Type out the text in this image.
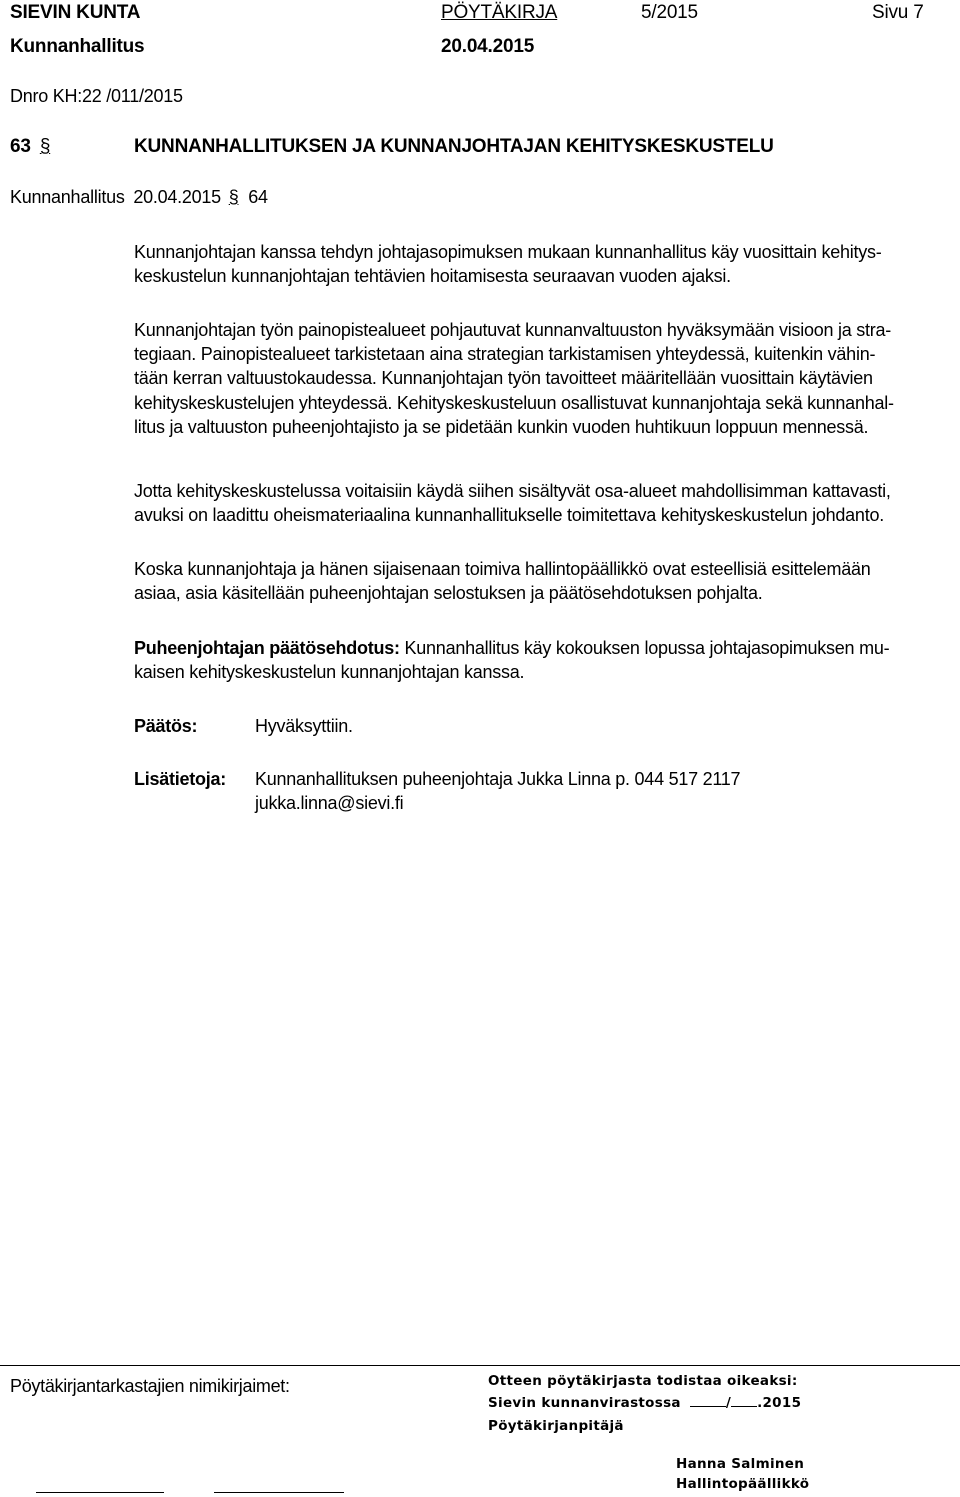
SIEVIN KUNTA	PÖYTÄKIRJA	5/2015	Sivu 7
Kunnanhallitus	20.04.2015
Dnro KH:22 /011/2015
63 §	KUNNANHALLITUKSEN JA KUNNANJOHTAJAN KEHITYSKESKUSTELU
Kunnanhallitus 20.04.2015 § 64
Kunnanjohtajan kanssa tehdyn johtajasopimuksen mukaan kunnanhallitus käy vuosittain kehitys-
keskustelun kunnanjohtajan tehtävien hoitamisesta seuraavan vuoden ajaksi.
Kunnanjohtajan työn painopistealueet pohjautuvat kunnanvaltuuston hyväksymään visioon ja stra-
tegiaan. Painopistealueet tarkistetaan aina strategian tarkistamisen yhteydessä, kuitenkin vähin-
tään kerran valtuustokaudessa. Kunnanjohtajan työn tavoitteet määritellään vuosittain käytävien
kehityskeskustelujen yhteydessä. Kehityskeskusteluun osallistuvat kunnanjohtaja sekä kunnanhal-
litus ja valtuuston puheenjohtajisto ja se pidetään kunkin vuoden huhtikuun loppuun mennessä.
Jotta kehityskeskustelussa voitaisiin käydä siihen sisältyvät osa-alueet mahdollisimman kattavasti,
avuksi on laadittu oheismateriaalina kunnanhallitukselle toimitettava kehityskeskustelun johdanto.
Koska kunnanjohtaja ja hänen sijaisenaan toimiva hallintopäällikkö ovat esteellisiä esittelemään
asiaa, asia käsitellään puheenjohtajan selostuksen ja päätösehdotuksen pohjalta.
Puheenjohtajan päätösehdotus: Kunnanhallitus käy kokouksen lopussa johtajasopimuksen mu-
kaisen kehityskeskustelun kunnanjohtajan kanssa.
Päätös:	Hyväksyttiin.
Lisätietoja: Kunnanhallituksen puheenjohtaja Jukka Linna p. 044 517 2117
jukka.linna@sievi.fi
Pöytäkirjantarkastajien nimikirjaimet:	Otteen pöytäkirjasta todistaa oikeaksi:
Sievin kunnanvirastossa	/ .2015
Pöytäkirjanpitäjä
Hanna Salminen
Hallintopäällikkö
